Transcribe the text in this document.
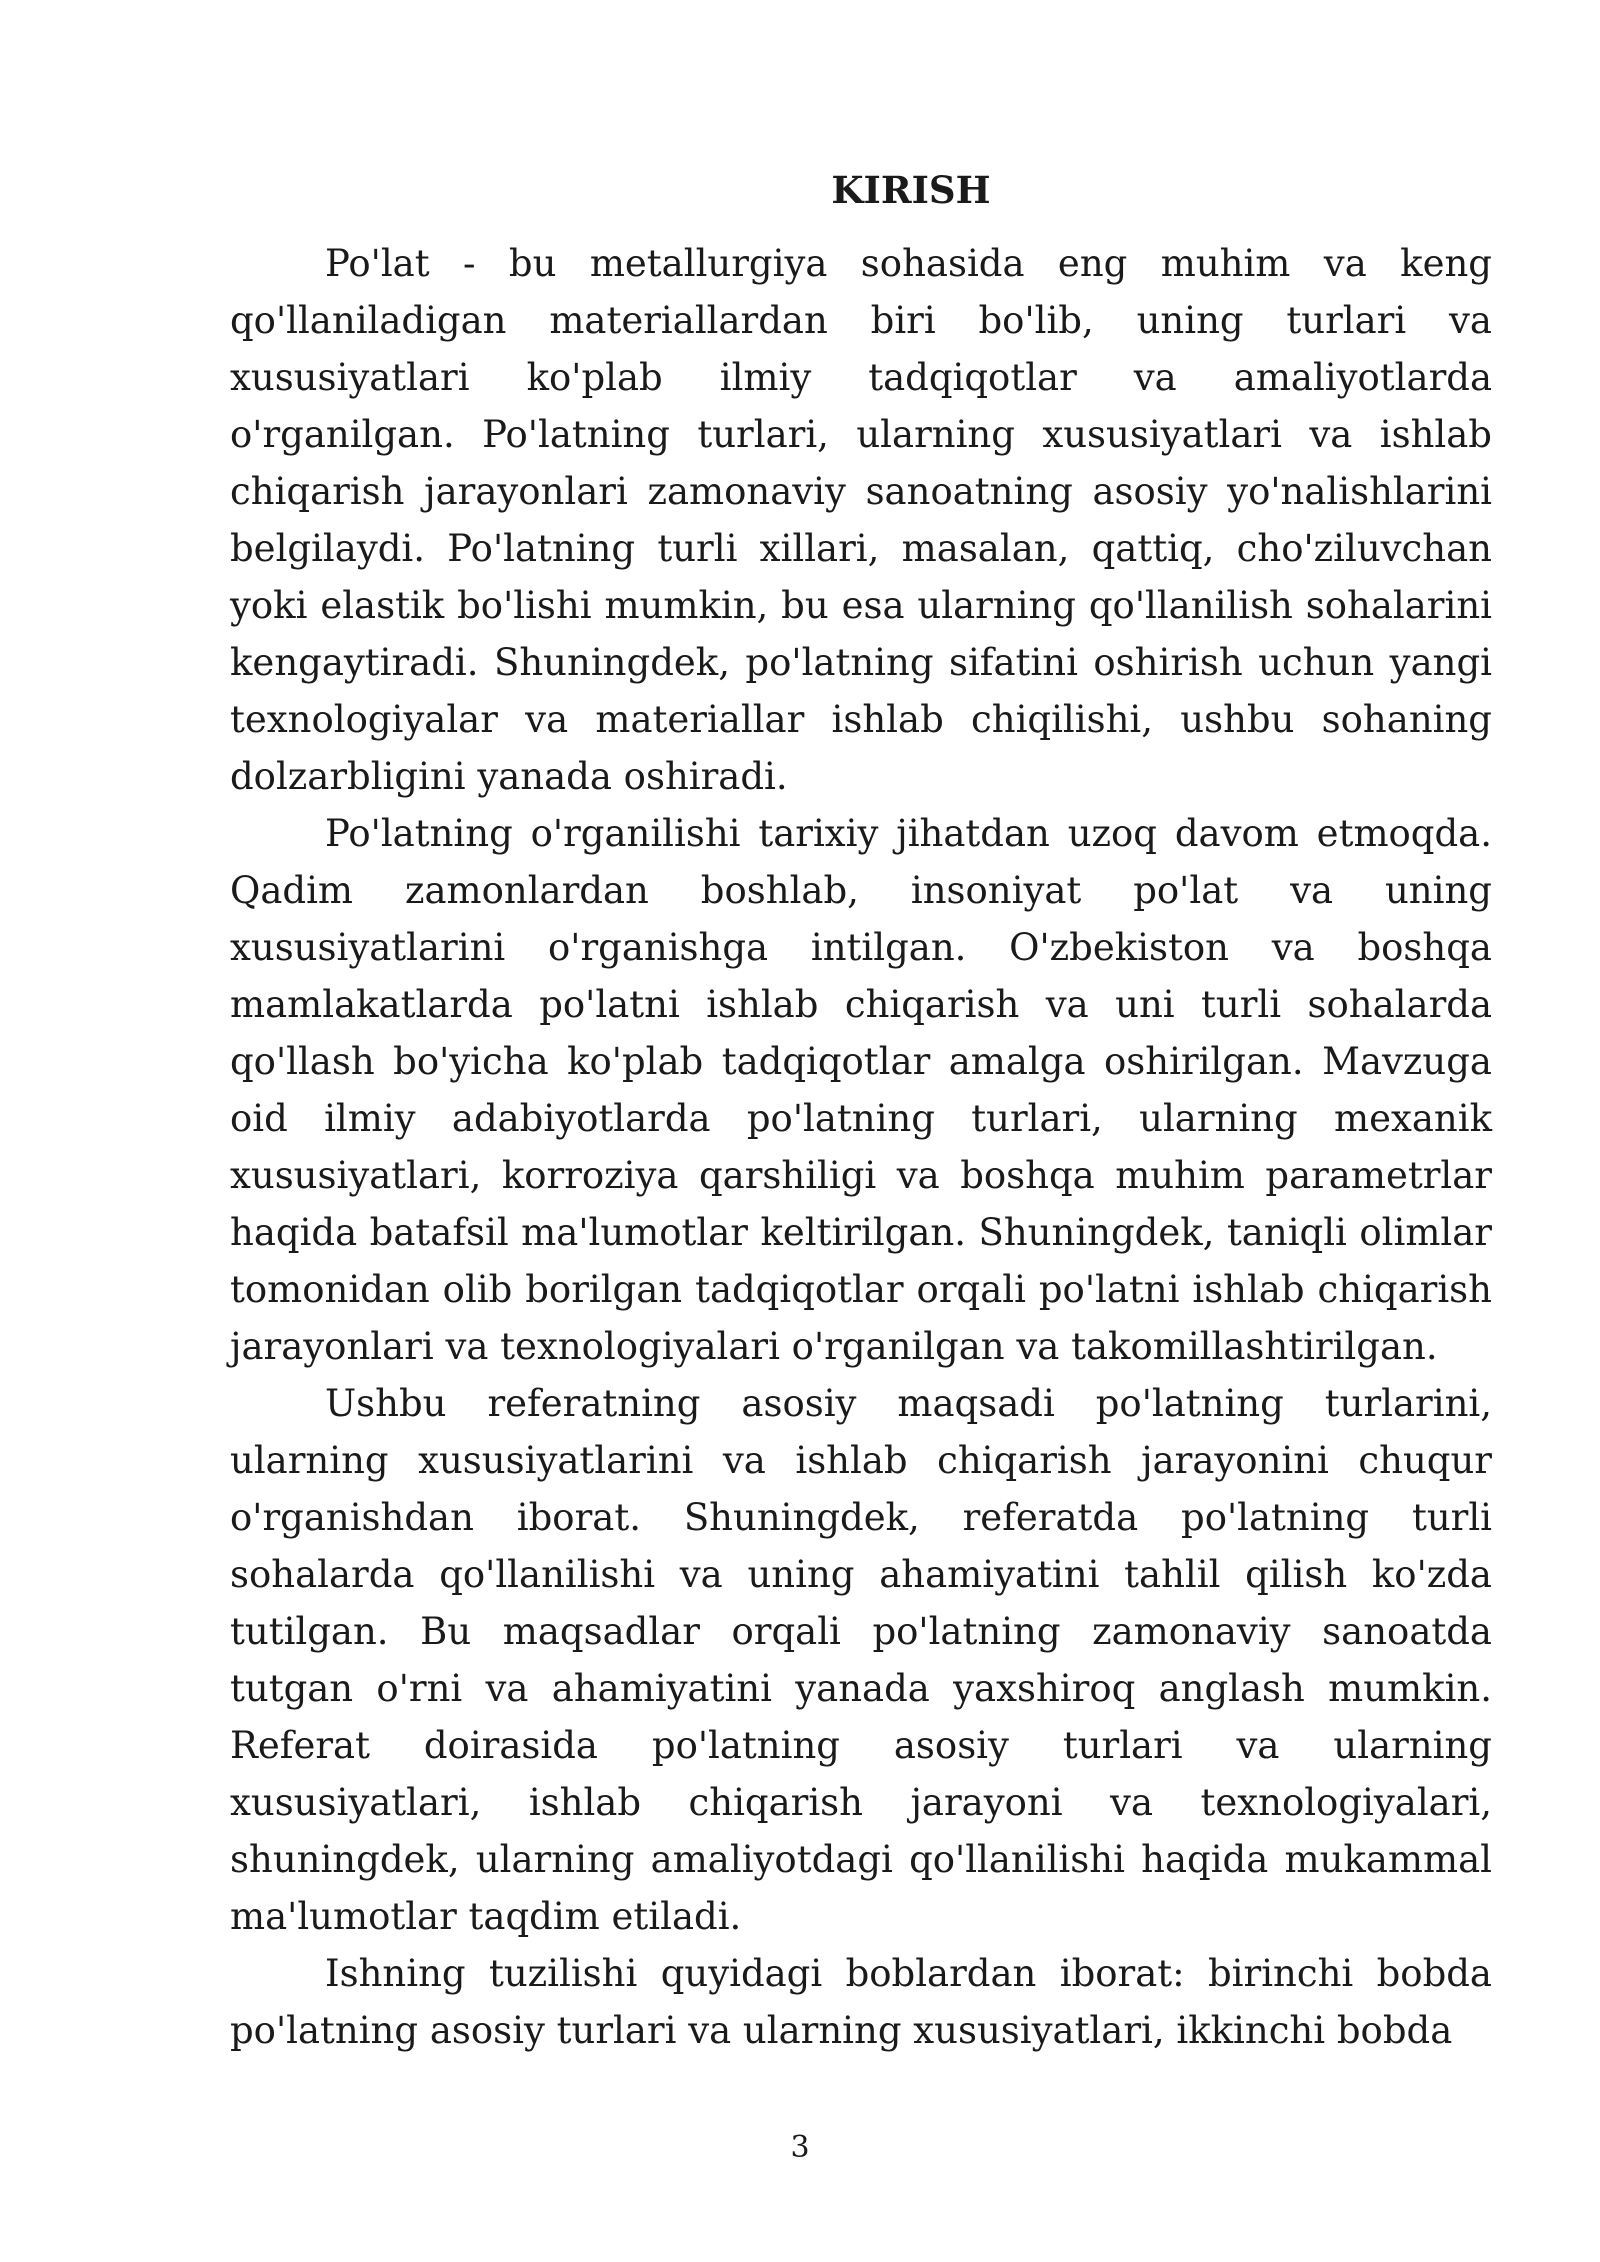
KIRISH

Po'lat - bu metallurgiya sohasida eng muhim va keng qo'llaniladigan materiallardan biri bo'lib, uning turlari va xususiyatlari ko'plab ilmiy tadqiqotlar va amaliyotlarda o'rganilgan. Po'latning turlari, ularning xususiyatlari va ishlab chiqarish jarayonlari zamonaviy sanoatning asosiy yo'nalishlarini belgilaydi. Po'latning turli xillari, masalan, qattiq, cho'ziluvchan yoki elastik bo'lishi mumkin, bu esa ularning qo'llanilish sohalarini kengaytiradi. Shuningdek, po'latning sifatini oshirish uchun yangi texnologiyalar va materiallar ishlab chiqilishi, ushbu sohaning dolzarbligini yanada oshiradi.

Po'latning o'rganilishi tarixiy jihatdan uzoq davom etmoqda. Qadim zamonlardan boshlab, insoniyat po'lat va uning xususiyatlarini o'rganishga intilgan. O'zbekiston va boshqa mamlakatlarda po'latni ishlab chiqarish va uni turli sohalarda qo'llash bo'yicha ko'plab tadqiqotlar amalga oshirilgan. Mavzuga oid ilmiy adabiyotlarda po'latning turlari, ularning mexanik xususiyatlari, korroziya qarshiligi va boshqa muhim parametrlar haqida batafsil ma'lumotlar keltirilgan. Shuningdek, taniqli olimlar tomonidan olib borilgan tadqiqotlar orqali po'latni ishlab chiqarish jarayonlari va texnologiyalari o'rganilgan va takomillashtirilgan.

Ushbu referatning asosiy maqsadi po'latning turlarini, ularning xususiyatlarini va ishlab chiqarish jarayonini chuqur o'rganishdan iborat. Shuningdek, referatda po'latning turli sohalarda qo'llanilishi va uning ahamiyatini tahlil qilish ko'zda tutilgan. Bu maqsadlar orqali po'latning zamonaviy sanoatda tutgan o'rni va ahamiyatini yanada yaxshiroq anglash mumkin. Referat doirasida po'latning asosiy turlari va ularning xususiyatlari, ishlab chiqarish jarayoni va texnologiyalari, shuningdek, ularning amaliyotdagi qo'llanilishi haqida mukammal ma'lumotlar taqdim etiladi.

Ishning tuzilishi quyidagi boblardan iborat: birinchi bobda po'latning asosiy turlari va ularning xususiyatlari, ikkinchi bobda

3
